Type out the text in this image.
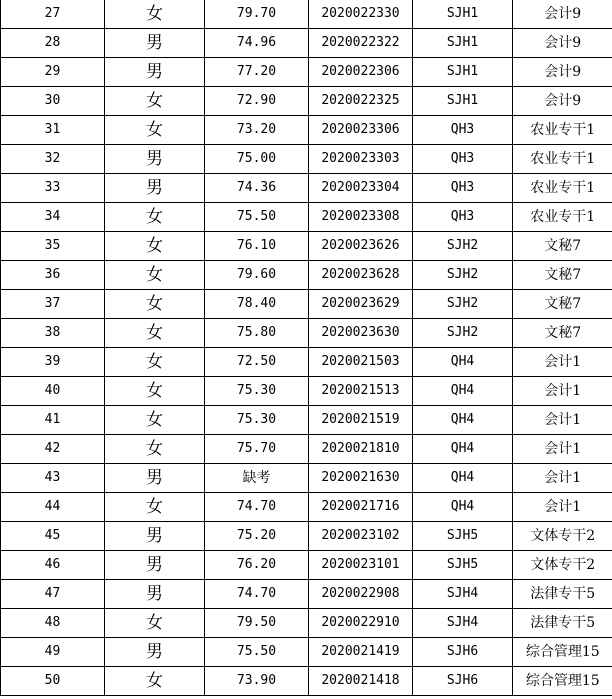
27	女	79.70	2020022330	SJH1	会计9
28	男	74.96	2020022322	SJH1	会计9
29	男	77.20	2020022306	SJH1	会计9
30	女	72.90	2020022325	SJH1	会计9
31	女	73.20	2020023306	QH3	农业专干1
32	男	75.00	2020023303	QH3	农业专干1
33	男	74.36	2020023304	QH3	农业专干1
34	女	75.50	2020023308	QH3	农业专干1
35	女	76.10	2020023626	SJH2	文秘7
36	女	79.60	2020023628	SJH2	文秘7
37	女	78.40	2020023629	SJH2	文秘7
38	女	75.80	2020023630	SJH2	文秘7
39	女	72.50	2020021503	QH4	会计1
40	女	75.30	2020021513	QH4	会计1
41	女	75.30	2020021519	QH4	会计1
42	女	75.70	2020021810	QH4	会计1
43	男	缺考	2020021630	QH4	会计1
44	女	74.70	2020021716	QH4	会计1
45	男	75.20	2020023102	SJH5	文体专干2
46	男	76.20	2020023101	SJH5	文体专干2
47	男	74.70	2020022908	SJH4	法律专干5
48	女	79.50	2020022910	SJH4	法律专干5
49	男	75.50	2020021419	SJH6	综合管理15
50	女	73.90	2020021418	SJH6	综合管理15
